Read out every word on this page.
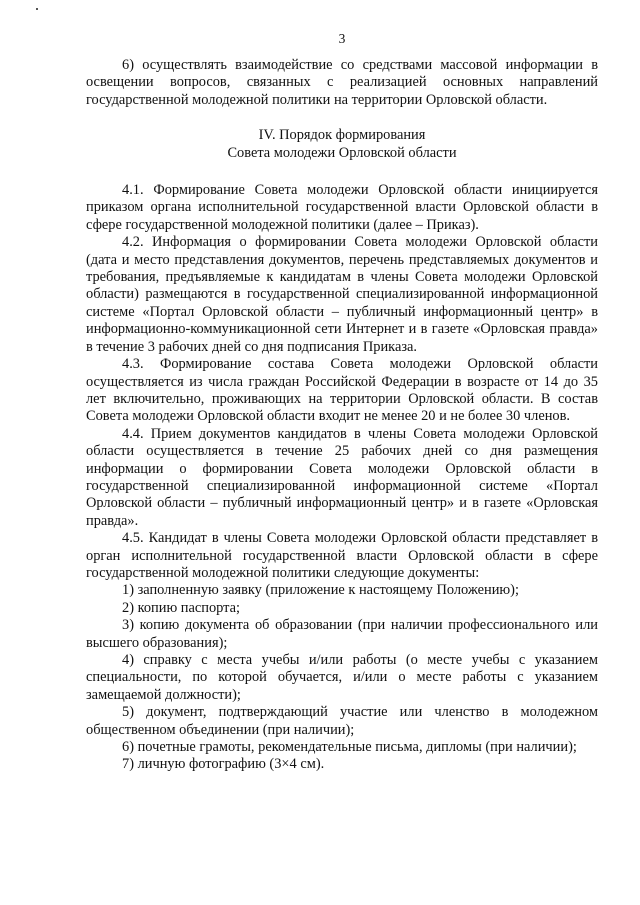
3

6) осуществлять взаимодействие со средствами массовой информации в освещении вопросов, связанных с реализацией основных направлений государственной молодежной политики на территории Орловской области.

IV. Порядок формирования
Совета молодежи Орловской области

4.1. Формирование Совета молодежи Орловской области инициируется приказом органа исполнительной государственной власти Орловской области в сфере государственной молодежной политики (далее – Приказ).

4.2. Информация о формировании Совета молодежи Орловской области (дата и место представления документов, перечень представляемых документов и требования, предъявляемые к кандидатам в члены Совета молодежи Орловской области) размещаются в государственной специализированной информационной системе «Портал Орловской области – публичный информационный центр» в информационно-коммуникационной сети Интернет и в газете «Орловская правда» в течение 3 рабочих дней со дня подписания Приказа.

4.3. Формирование состава Совета молодежи Орловской области осуществляется из числа граждан Российской Федерации в возрасте от 14 до 35 лет включительно, проживающих на территории Орловской области. В состав Совета молодежи Орловской области входит не менее 20 и не более 30 членов.

4.4. Прием документов кандидатов в члены Совета молодежи Орловской области осуществляется в течение 25 рабочих дней со дня размещения информации о формировании Совета молодежи Орловской области в государственной специализированной информационной системе «Портал Орловской области – публичный информационный центр» и в газете «Орловская правда».

4.5. Кандидат в члены Совета молодежи Орловской области представляет в орган исполнительной государственной власти Орловской области в сфере государственной молодежной политики следующие документы:

1) заполненную заявку (приложение к настоящему Положению);

2) копию паспорта;

3) копию документа об образовании (при наличии профессионального или высшего образования);

4) справку с места учебы и/или работы (о месте учебы с указанием специальности, по которой обучается, и/или о месте работы с указанием замещаемой должности);

5) документ, подтверждающий участие или членство в молодежном общественном объединении (при наличии);

6) почетные грамоты, рекомендательные письма, дипломы (при наличии);

7) личную фотографию (3×4 см).
